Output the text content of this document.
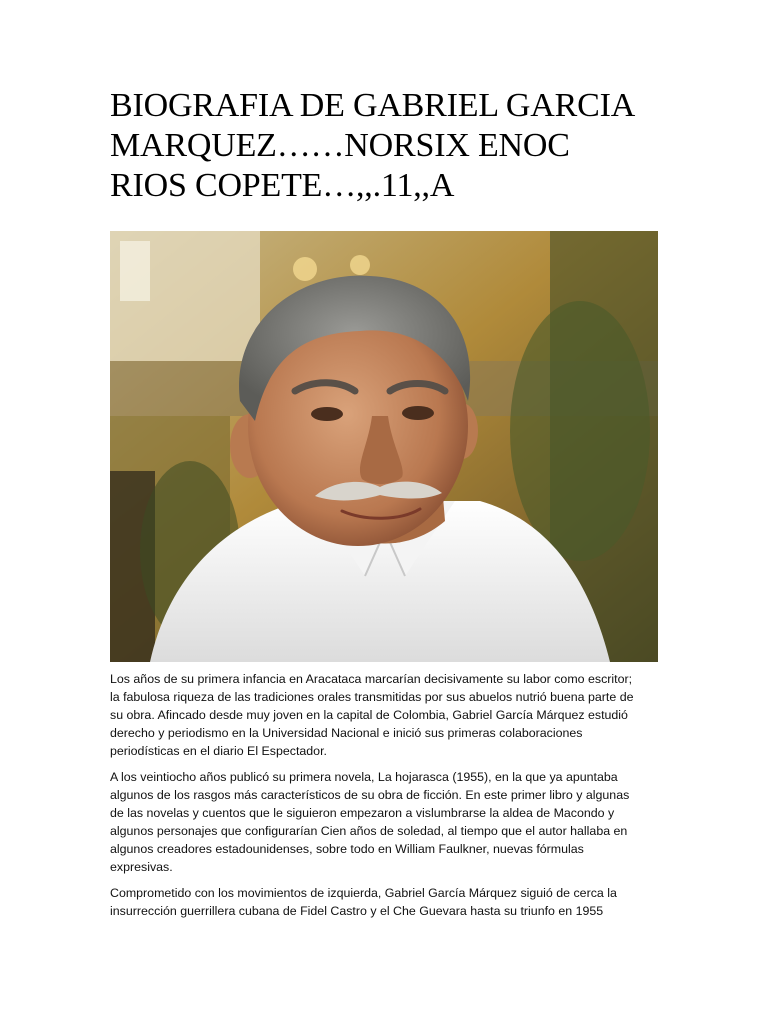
BIOGRAFIA DE GABRIEL GARCIA
MARQUEZ……NORSIX ENOC
RIOS COPETE…,,.11,,A

Los años de su primera infancia en Aracataca marcarían decisivamente su labor como escritor;
la fabulosa riqueza de las tradiciones orales transmitidas por sus abuelos nutrió buena parte de
su obra. Afincado desde muy joven en la capital de Colombia, Gabriel García Márquez estudió
derecho y periodismo en la Universidad Nacional e inició sus primeras colaboraciones
periodísticas en el diario El Espectador.

A los veintiocho años publicó su primera novela, La hojarasca (1955), en la que ya apuntaba
algunos de los rasgos más característicos de su obra de ficción. En este primer libro y algunas
de las novelas y cuentos que le siguieron empezaron a vislumbrarse la aldea de Macondo y
algunos personajes que configurarían Cien años de soledad, al tiempo que el autor hallaba en
algunos creadores estadounidenses, sobre todo en William Faulkner, nuevas fórmulas
expresivas.

Comprometido con los movimientos de izquierda, Gabriel García Márquez siguió de cerca la
insurrección guerrillera cubana de Fidel Castro y el Che Guevara hasta su triunfo en 1955
